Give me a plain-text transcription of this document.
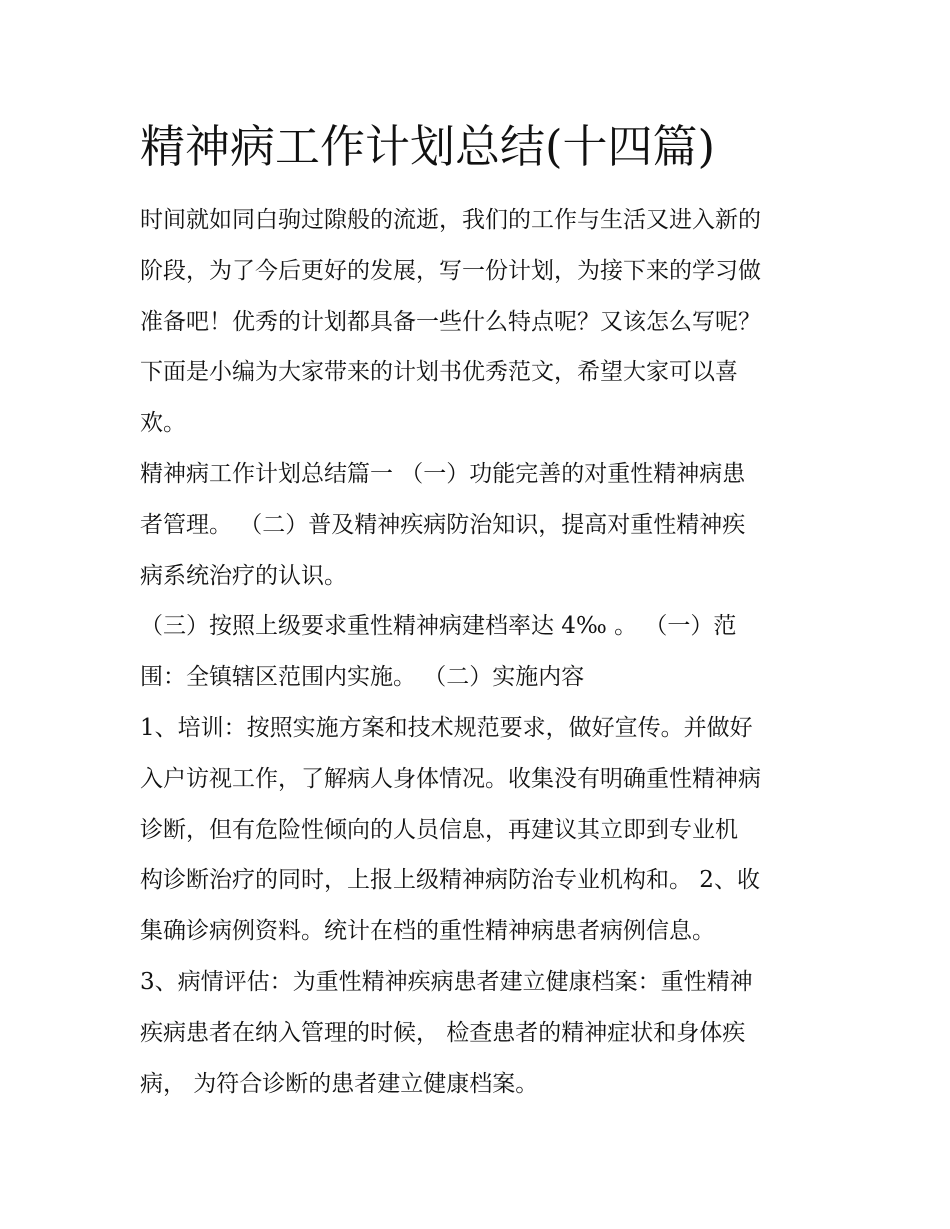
精神病工作计划总结(十四篇)

时间就如同白驹过隙般的流逝，我们的工作与生活又进入新的

阶段，为了今后更好的发展，写一份计划，为接下来的学习做

准备吧！优秀的计划都具备一些什么特点呢？又该怎么写呢？

下面是小编为大家带来的计划书优秀范文，希望大家可以喜

欢。

精神病工作计划总结篇一 （一）功能完善的对重性精神病患

者管理。 （二）普及精神疾病防治知识，提高对重性精神疾

病系统治疗的认识。

（三）按照上级要求重性精神病建档率达 4‰ 。 （一）范

围：全镇辖区范围内实施。 （二）实施内容

1、培训：按照实施方案和技术规范要求，做好宣传。并做好

入户访视工作，了解病人身体情况。收集没有明确重性精神病

诊断，但有危险性倾向的人员信息，再建议其立即到专业机

构诊断治疗的同时，上报上级精神病防治专业机构和。 2、收

集确诊病例资料。统计在档的重性精神病患者病例信息。

3、病情评估：为重性精神疾病患者建立健康档案：重性精神

疾病患者在纳入管理的时候， 检查患者的精神症状和身体疾

病， 为符合诊断的患者建立健康档案。
